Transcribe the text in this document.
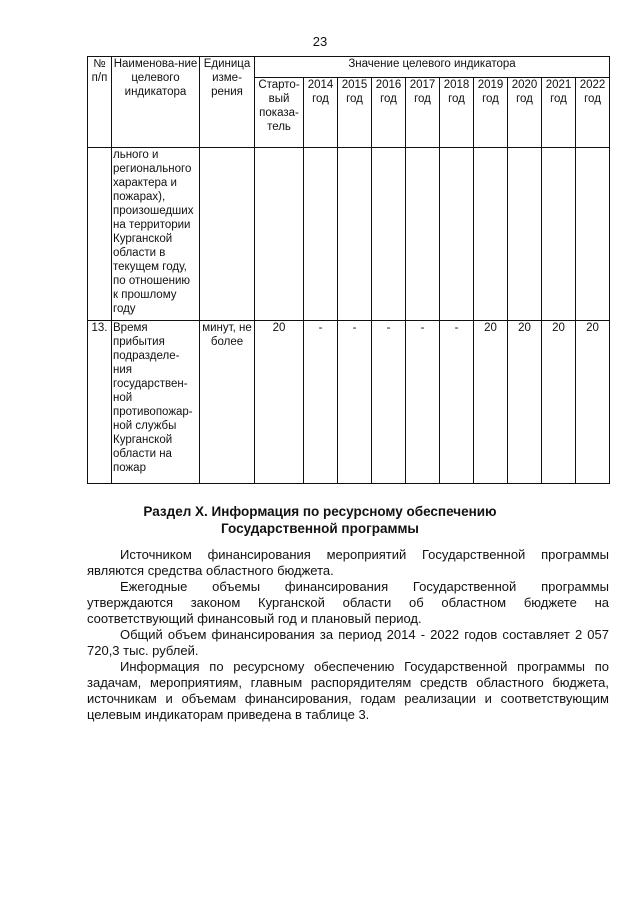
23
№ п/п	Наименова-ние целевого индикатора	Единица изме-рения	Значение целевого индикатора									
			Старто-вый показа-тель	2014 год	2015 год	2016 год	2017 год	2018 год	2019 год	2020 год	2021 год	2022 год
	льного и регионального характера и пожарах), произошедших на территории Курганской области в текущем году, по отношению к прошлому году											
13.	Время прибытия подразделе-ния государствен-ной противопожар-ной службы Курганской области на пожар	минут, не более	20	-	-	-	-	-	20	20	20	20
Раздел X. Информация по ресурсному обеспечению
Государственной программы

Источником финансирования мероприятий Государственной программы являются средства областного бюджета.

Ежегодные объемы финансирования Государственной программы утверждаются законом Курганской области об областном бюджете на соответствующий финансовый год и плановый период.

Общий объем финансирования за период 2014 - 2022 годов составляет 2 057 720,3 тыс. рублей.

Информация по ресурсному обеспечению Государственной программы по задачам, мероприятиям, главным распорядителям средств областного бюджета, источникам и объемам финансирования, годам реализации и соответствующим целевым индикаторам приведена в таблице 3.
